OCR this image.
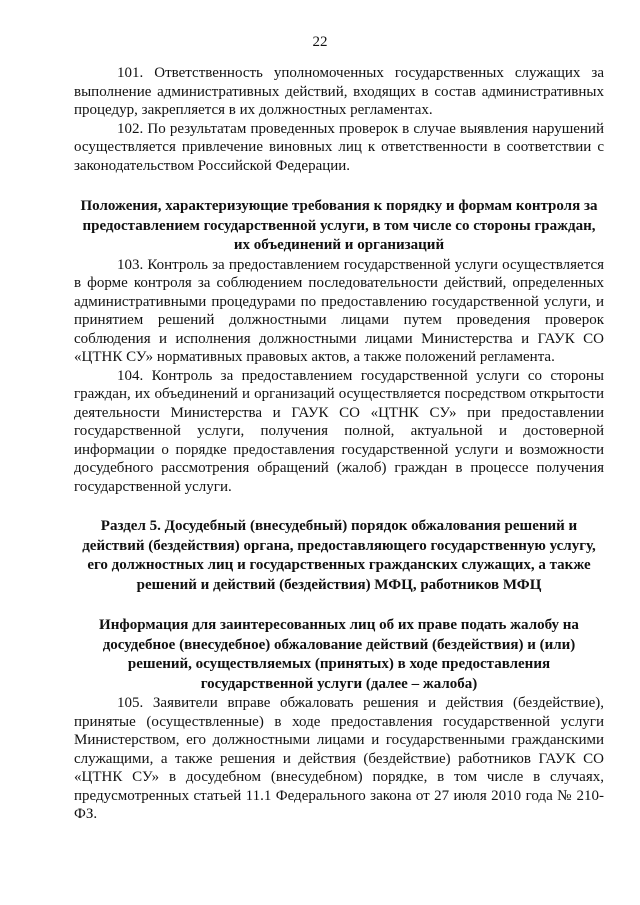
22

101. Ответственность уполномоченных государственных служащих за выполнение административных действий, входящих в состав административных процедур, закрепляется в их должностных регламентах.

102. По результатам проведенных проверок в случае выявления нарушений осуществляется привлечение виновных лиц к ответственности в соответствии с законодательством Российской Федерации.

Положения, характеризующие требования к порядку и формам контроля за предоставлением государственной услуги, в том числе со стороны граждан, их объединений и организаций

103. Контроль за предоставлением государственной услуги осуществляется в форме контроля за соблюдением последовательности действий, определенных административными процедурами по предоставлению государственной услуги, и принятием решений должностными лицами путем проведения проверок соблюдения и исполнения должностными лицами Министерства и ГАУК СО «ЦТНК СУ» нормативных правовых актов, а также положений регламента.

104. Контроль за предоставлением государственной услуги со стороны граждан, их объединений и организаций осуществляется посредством открытости деятельности Министерства и ГАУК СО «ЦТНК СУ» при предоставлении государственной услуги, получения полной, актуальной и достоверной информации о порядке предоставления государственной услуги и возможности досудебного рассмотрения обращений (жалоб) граждан в процессе получения государственной услуги.

Раздел 5. Досудебный (внесудебный) порядок обжалования решений и действий (бездействия) органа, предоставляющего государственную услугу, его должностных лиц и государственных гражданских служащих, а также решений и действий (бездействия) МФЦ, работников МФЦ

Информация для заинтересованных лиц об их праве подать жалобу на досудебное (внесудебное) обжалование действий (бездействия) и (или) решений, осуществляемых (принятых) в ходе предоставления государственной услуги (далее – жалоба)

105. Заявители вправе обжаловать решения и действия (бездействие), принятые (осуществленные) в ходе предоставления государственной услуги Министерством, его должностными лицами и государственными гражданскими служащими, а также решения и действия (бездействие) работников ГАУК СО «ЦТНК СУ» в досудебном (внесудебном) порядке, в том числе в случаях, предусмотренных статьей 11.1 Федерального закона от 27 июля 2010 года № 210-ФЗ.
